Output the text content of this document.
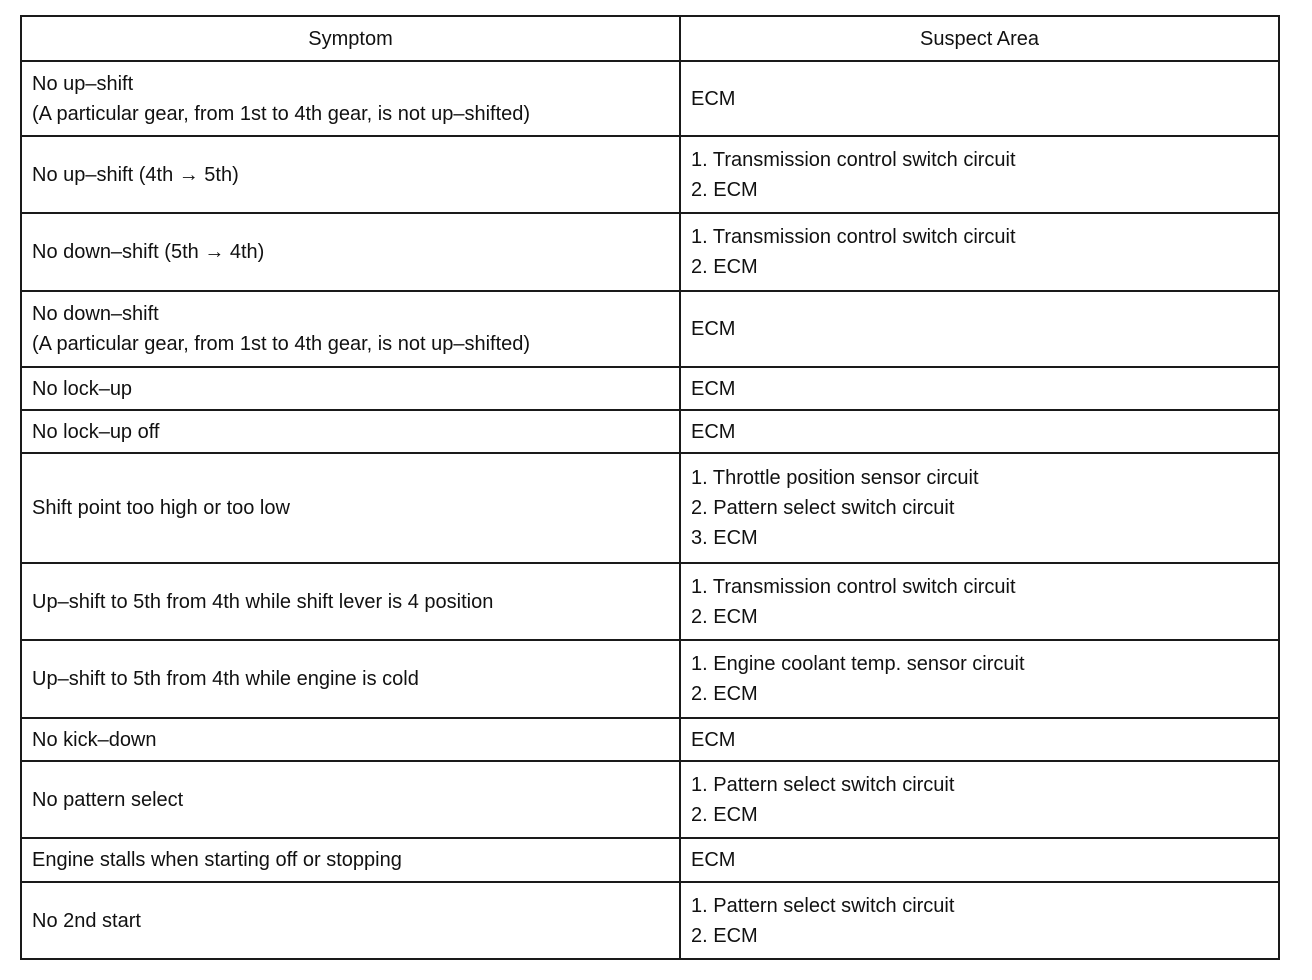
Symptom	Suspect Area

No up–shift
(A particular gear, from 1st to 4th gear, is not up–shifted)	ECM

No up–shift (4th → 5th)	1. Transmission control switch circuit
2. ECM

No down–shift (5th → 4th)	1. Transmission control switch circuit
2. ECM

No down–shift
(A particular gear, from 1st to 4th gear, is not up–shifted)	ECM

No lock–up	ECM

No lock–up off	ECM

Shift point too high or too low	1. Throttle position sensor circuit
2. Pattern select switch circuit
3. ECM

Up–shift to 5th from 4th while shift lever is 4 position	1. Transmission control switch circuit
2. ECM

Up–shift to 5th from 4th while engine is cold	1. Engine coolant temp. sensor circuit
2. ECM

No kick–down	ECM

No pattern select	1. Pattern select switch circuit
2. ECM

Engine stalls when starting off or stopping	ECM

No 2nd start	1. Pattern select switch circuit
2. ECM
